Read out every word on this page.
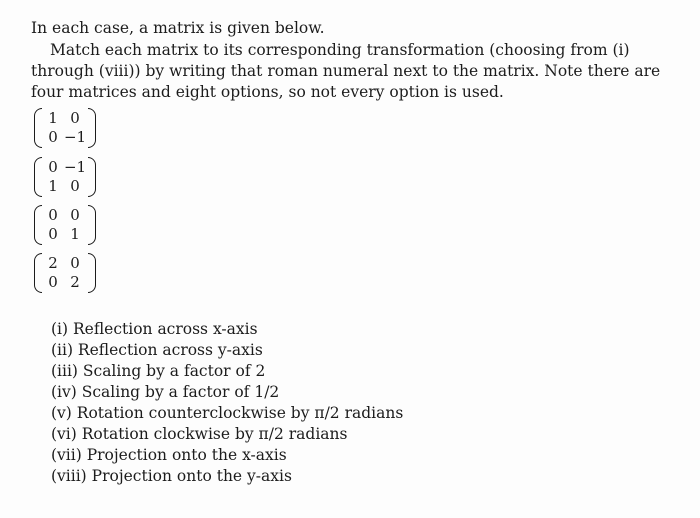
In each case, a matrix is given below.

Match each matrix to its corresponding transformation (choosing from (i) through (viii)) by writing that roman numeral next to the matrix. Note there are four matrices and eight options, so not every option is used.

1 0
0 −1
0 −1
1 0
0 0
0 1
2 0
0 2
(i) Reflection across x-axis
(ii) Reflection across y-axis
(iii) Scaling by a factor of 2
(iv) Scaling by a factor of 1/2
(v) Rotation counterclockwise by π/2 radians
(vi) Rotation clockwise by π/2 radians
(vii) Projection onto the x-axis
(viii) Projection onto the y-axis
